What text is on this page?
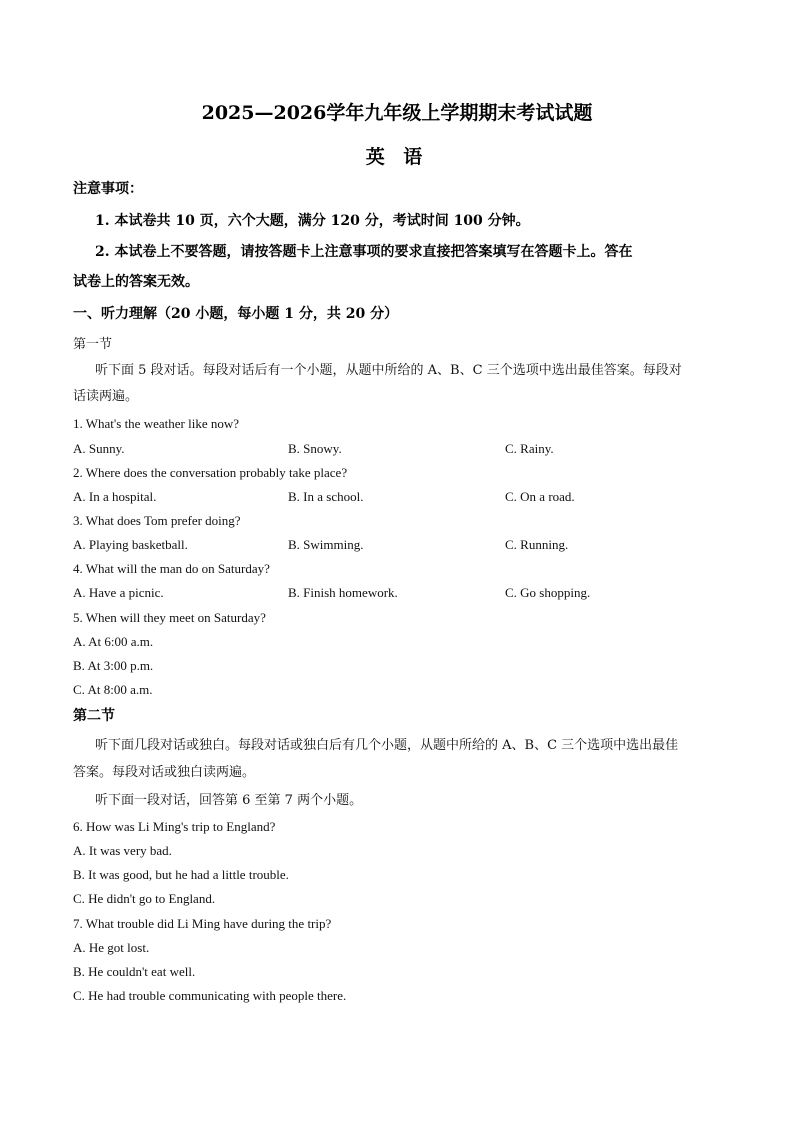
2025—2026学年九年级上学期期末考试试题
英 语
注意事项：
1. 本试卷共 10 页，六个大题，满分 120 分，考试时间 100 分钟。
2. 本试卷上不要答题，请按答题卡上注意事项的要求直接把答案填写在答题卡上。答在
试卷上的答案无效。
一、听力理解（20 小题，每小题 1 分，共 20 分）
第一节
听下面 5 段对话。每段对话后有一个小题，从题中所给的 A、B、C 三个选项中选出最佳答案。每段对
话读两遍。
1. What's the weather like now?
A. Sunny.	B. Snowy.	C. Rainy.
2. Where does the conversation probably take place?
A. In a hospital.	B. In a school.	C. On a road.
3. What does Tom prefer doing?
A. Playing basketball.	B. Swimming.	C. Running.
4. What will the man do on Saturday?
A. Have a picnic.	B. Finish homework.	C. Go shopping.
5. When will they meet on Saturday?
A. At 6:00 a.m.
B. At 3:00 p.m.
C. At 8:00 a.m.
第二节
听下面几段对话或独白。每段对话或独白后有几个小题，从题中所给的 A、B、C 三个选项中选出最佳
答案。每段对话或独白读两遍。
听下面一段对话，回答第 6 至第 7 两个小题。
6. How was Li Ming's trip to England?
A. It was very bad.
B. It was good, but he had a little trouble.
C. He didn't go to England.
7. What trouble did Li Ming have during the trip?
A. He got lost.
B. He couldn't eat well.
C. He had trouble communicating with people there.
